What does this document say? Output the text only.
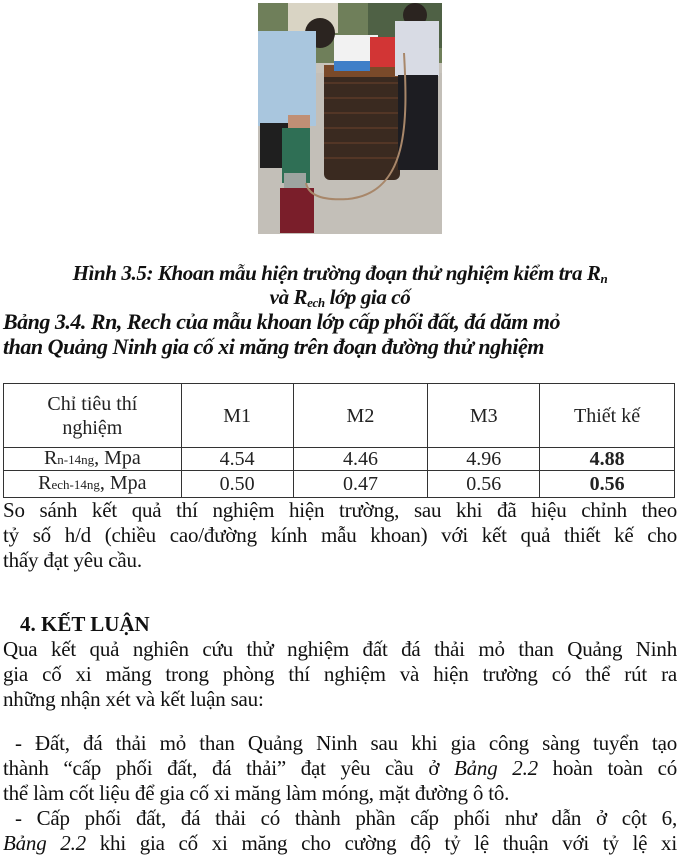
Hình 3.5: Khoan mẫu hiện trường đoạn thử nghiệm kiểm tra $R_n$
và $R_{ech}$ lớp gia cố
Bảng 3.4. Rn, Rech của mẫu khoan lớp cấp phối đất, đá dăm mỏ
than Quảng Ninh gia cố xi măng trên đoạn đường thử nghiệm
Chỉ tiêu thí
nghiệm	M1	M2	M3	Thiết kế
Rn-14ng, Mpa	4.54	4.46	4.96	4.88
Rech-14ng, Mpa	0.50	0.47	0.56	0.56
So sánh kết quả thí nghiệm hiện trường, sau khi đã hiệu chỉnh theo
tỷ số h/d (chiều cao/đường kính mẫu khoan) với kết quả thiết kế cho
thấy đạt yêu cầu.
4. KẾT LUẬN
Qua kết quả nghiên cứu thử nghiệm đất đá thải mỏ than Quảng Ninh
gia cố xi măng trong phòng thí nghiệm và hiện trường có thể rút ra
những nhận xét và kết luận sau:
- Đất, đá thải mỏ than Quảng Ninh sau khi gia công sàng tuyển tạo
thành “cấp phối đất, đá thải” đạt yêu cầu ở Bảng 2.2 hoàn toàn có
thể làm cốt liệu để gia cố xi măng làm móng, mặt đường ô tô.
- Cấp phối đất, đá thải có thành phần cấp phối như dẫn ở cột 6,
Bảng 2.2 khi gia cố xi măng cho cường độ tỷ lệ thuận với tỷ lệ xi
